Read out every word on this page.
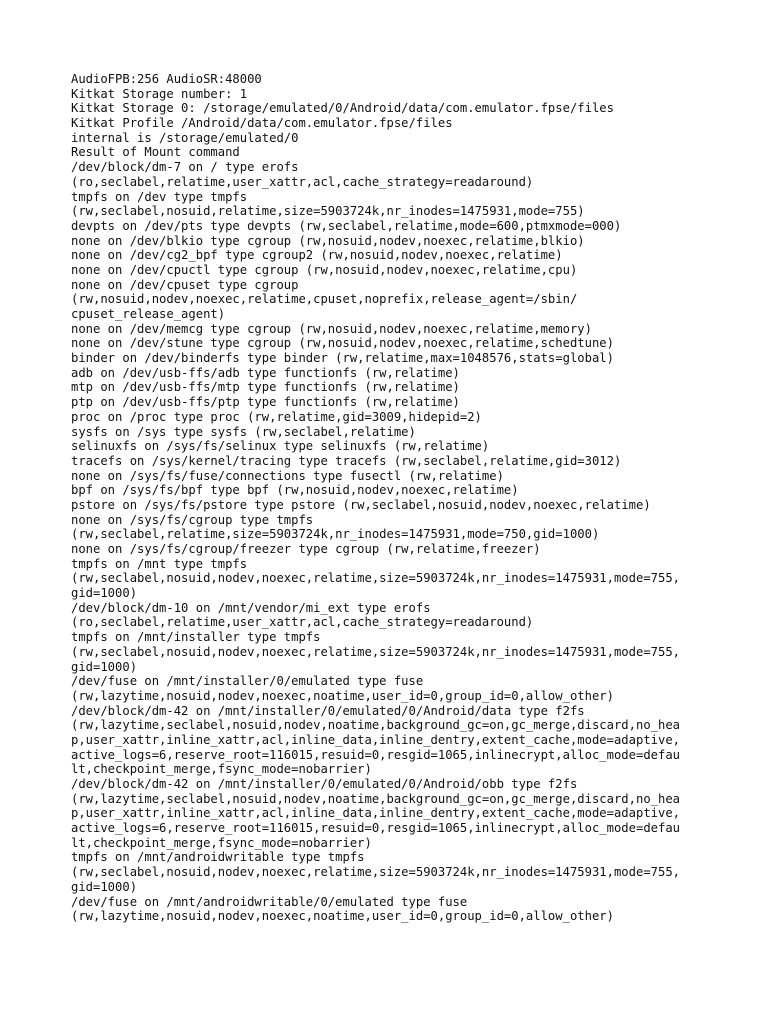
AudioFPB:256 AudioSR:48000
Kitkat Storage number: 1
Kitkat Storage 0: /storage/emulated/0/Android/data/com.emulator.fpse/files
Kitkat Profile /Android/data/com.emulator.fpse/files
internal is /storage/emulated/0
Result of Mount command
/dev/block/dm-7 on / type erofs
(ro,seclabel,relatime,user_xattr,acl,cache_strategy=readaround)
tmpfs on /dev type tmpfs
(rw,seclabel,nosuid,relatime,size=5903724k,nr_inodes=1475931,mode=755)
devpts on /dev/pts type devpts (rw,seclabel,relatime,mode=600,ptmxmode=000)
none on /dev/blkio type cgroup (rw,nosuid,nodev,noexec,relatime,blkio)
none on /dev/cg2_bpf type cgroup2 (rw,nosuid,nodev,noexec,relatime)
none on /dev/cpuctl type cgroup (rw,nosuid,nodev,noexec,relatime,cpu)
none on /dev/cpuset type cgroup
(rw,nosuid,nodev,noexec,relatime,cpuset,noprefix,release_agent=/sbin/
cpuset_release_agent)
none on /dev/memcg type cgroup (rw,nosuid,nodev,noexec,relatime,memory)
none on /dev/stune type cgroup (rw,nosuid,nodev,noexec,relatime,schedtune)
binder on /dev/binderfs type binder (rw,relatime,max=1048576,stats=global)
adb on /dev/usb-ffs/adb type functionfs (rw,relatime)
mtp on /dev/usb-ffs/mtp type functionfs (rw,relatime)
ptp on /dev/usb-ffs/ptp type functionfs (rw,relatime)
proc on /proc type proc (rw,relatime,gid=3009,hidepid=2)
sysfs on /sys type sysfs (rw,seclabel,relatime)
selinuxfs on /sys/fs/selinux type selinuxfs (rw,relatime)
tracefs on /sys/kernel/tracing type tracefs (rw,seclabel,relatime,gid=3012)
none on /sys/fs/fuse/connections type fusectl (rw,relatime)
bpf on /sys/fs/bpf type bpf (rw,nosuid,nodev,noexec,relatime)
pstore on /sys/fs/pstore type pstore (rw,seclabel,nosuid,nodev,noexec,relatime)
none on /sys/fs/cgroup type tmpfs
(rw,seclabel,relatime,size=5903724k,nr_inodes=1475931,mode=750,gid=1000)
none on /sys/fs/cgroup/freezer type cgroup (rw,relatime,freezer)
tmpfs on /mnt type tmpfs
(rw,seclabel,nosuid,nodev,noexec,relatime,size=5903724k,nr_inodes=1475931,mode=755,
gid=1000)
/dev/block/dm-10 on /mnt/vendor/mi_ext type erofs
(ro,seclabel,relatime,user_xattr,acl,cache_strategy=readaround)
tmpfs on /mnt/installer type tmpfs
(rw,seclabel,nosuid,nodev,noexec,relatime,size=5903724k,nr_inodes=1475931,mode=755,
gid=1000)
/dev/fuse on /mnt/installer/0/emulated type fuse
(rw,lazytime,nosuid,nodev,noexec,noatime,user_id=0,group_id=0,allow_other)
/dev/block/dm-42 on /mnt/installer/0/emulated/0/Android/data type f2fs
(rw,lazytime,seclabel,nosuid,nodev,noatime,background_gc=on,gc_merge,discard,no_hea
p,user_xattr,inline_xattr,acl,inline_data,inline_dentry,extent_cache,mode=adaptive,
active_logs=6,reserve_root=116015,resuid=0,resgid=1065,inlinecrypt,alloc_mode=defau
lt,checkpoint_merge,fsync_mode=nobarrier)
/dev/block/dm-42 on /mnt/installer/0/emulated/0/Android/obb type f2fs
(rw,lazytime,seclabel,nosuid,nodev,noatime,background_gc=on,gc_merge,discard,no_hea
p,user_xattr,inline_xattr,acl,inline_data,inline_dentry,extent_cache,mode=adaptive,
active_logs=6,reserve_root=116015,resuid=0,resgid=1065,inlinecrypt,alloc_mode=defau
lt,checkpoint_merge,fsync_mode=nobarrier)
tmpfs on /mnt/androidwritable type tmpfs
(rw,seclabel,nosuid,nodev,noexec,relatime,size=5903724k,nr_inodes=1475931,mode=755,
gid=1000)
/dev/fuse on /mnt/androidwritable/0/emulated type fuse
(rw,lazytime,nosuid,nodev,noexec,noatime,user_id=0,group_id=0,allow_other)
